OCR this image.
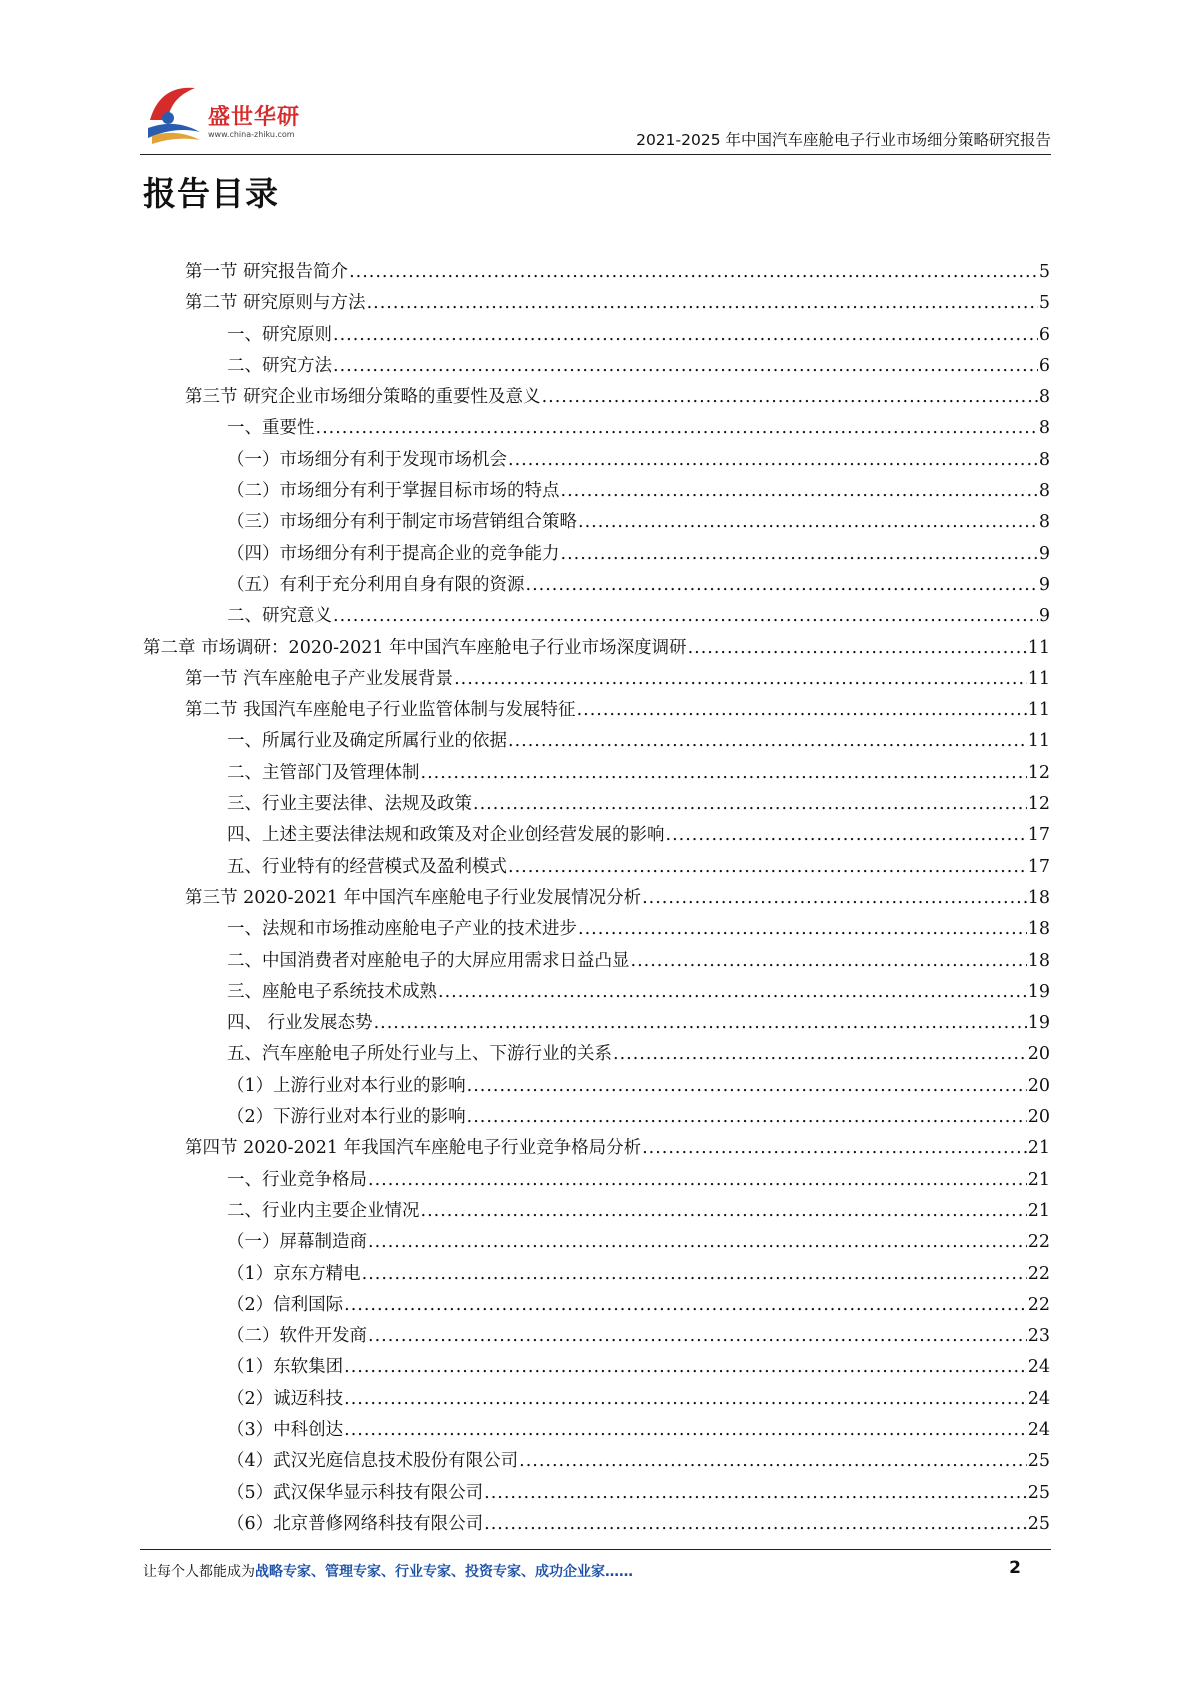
盛世华研
www.china-zhiku.com	2021-2025 年中国汽车座舱电子行业市场细分策略研究报告
报告目录
第一节 研究报告简介 .....	5
第二节 研究原则与方法 .....	5
一、研究原则 .....	6
二、研究方法 .....	6
第三节 研究企业市场细分策略的重要性及意义 .....	8
一、重要性 .....	8
（一）市场细分有利于发现市场机会 .....	8
（二）市场细分有利于掌握目标市场的特点 .....	8
（三）市场细分有利于制定市场营销组合策略 .....	8
（四）市场细分有利于提高企业的竞争能力 .....	9
（五）有利于充分利用自身有限的资源 .....	9
二、研究意义 .....	9
第二章 市场调研：2020-2021 年中国汽车座舱电子行业市场深度调研 .....	11
第一节 汽车座舱电子产业发展背景 .....	11
第二节 我国汽车座舱电子行业监管体制与发展特征 .....	11
一、所属行业及确定所属行业的依据 .....	11
二、主管部门及管理体制 .....	12
三、行业主要法律、法规及政策 .....	12
四、上述主要法律法规和政策及对企业创经营发展的影响 .....	17
五、行业特有的经营模式及盈利模式 .....	17
第三节 2020-2021 年中国汽车座舱电子行业发展情况分析 .....	18
一、法规和市场推动座舱电子产业的技术进步 .....	18
二、中国消费者对座舱电子的大屏应用需求日益凸显 .....	18
三、座舱电子系统技术成熟 .....	19
四、 行业发展态势 .....	19
五、汽车座舱电子所处行业与上、下游行业的关系 .....	20
（1）上游行业对本行业的影响 .....	20
（2）下游行业对本行业的影响 .....	20
第四节 2020-2021 年我国汽车座舱电子行业竞争格局分析 .....	21
一、行业竞争格局 .....	21
二、行业内主要企业情况 .....	21
（一）屏幕制造商 .....	22
（1）京东方精电 .....	22
（2）信利国际 .....	22
（二）软件开发商 .....	23
（1）东软集团 .....	24
（2）诚迈科技 .....	24
（3）中科创达 .....	24
（4）武汉光庭信息技术股份有限公司 .....	25
（5）武汉保华显示科技有限公司 .....	25
（6）北京普修网络科技有限公司 .....	25
让每个人都能成为战略专家、管理专家、行业专家、投资专家、成功企业家……	2
